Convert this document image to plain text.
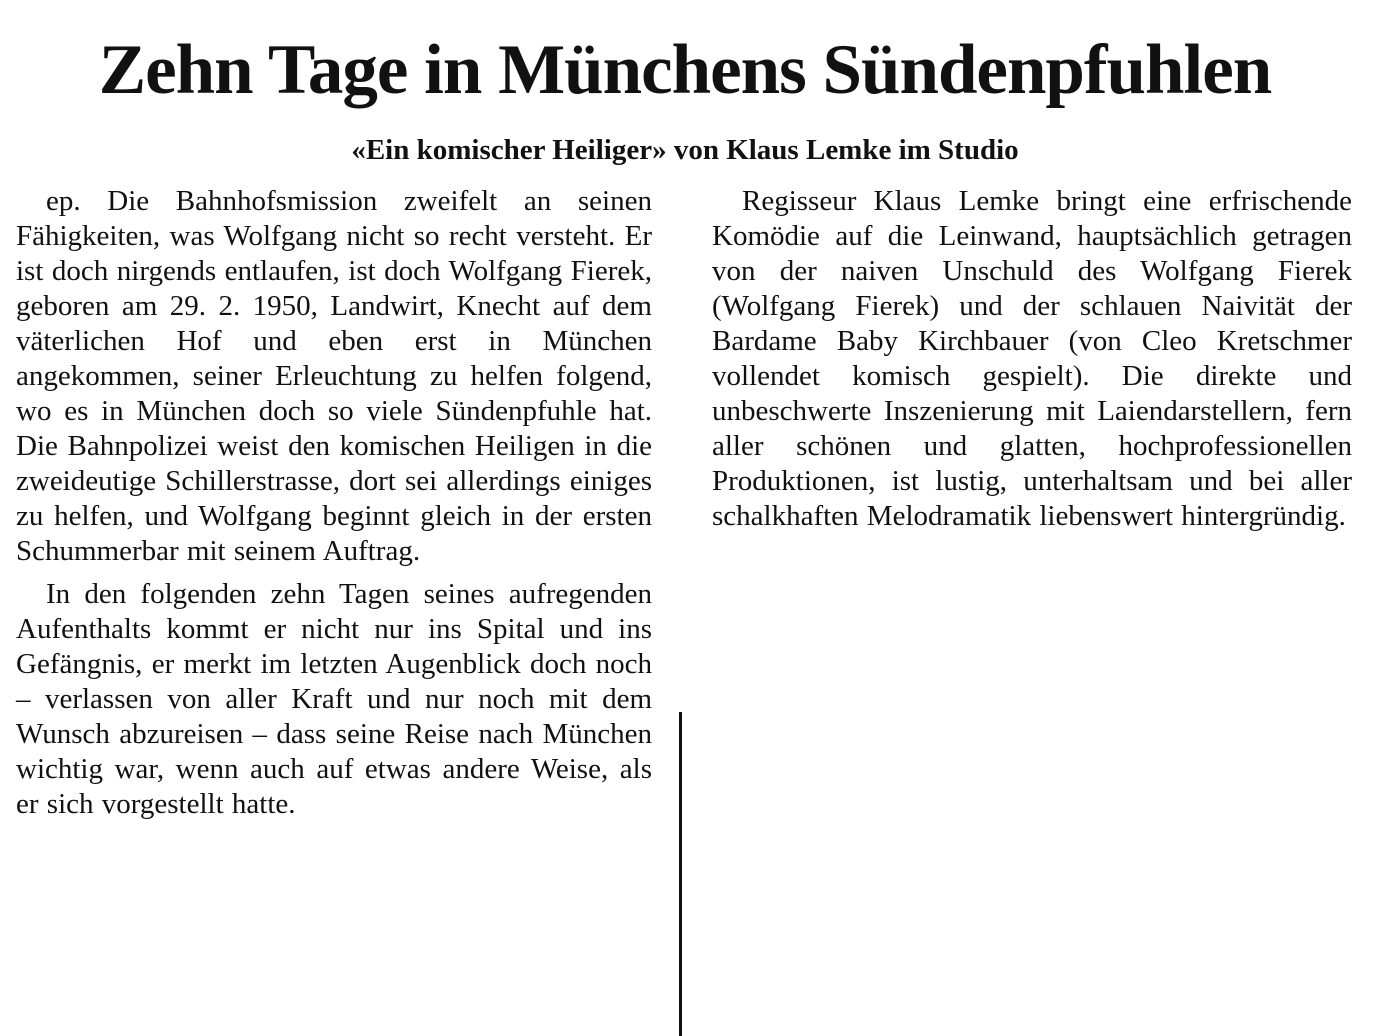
Zehn Tage in Münchens Sündenpfuhlen
«Ein komischer Heiliger» von Klaus Lemke im Studio

ep. Die Bahnhofsmission zweifelt an seinen Fähigkeiten, was Wolfgang nicht so recht versteht. Er ist doch nirgends entlaufen, ist doch Wolfgang Fierek, geboren am 29. 2. 1950, Landwirt, Knecht auf dem väterlichen Hof und eben erst in München angekommen, seiner Erleuchtung zu helfen folgend, wo es in München doch so viele Sündenpfuhle hat. Die Bahnpolizei weist den komischen Heiligen in die zweideutige Schillerstrasse, dort sei allerdings einiges zu helfen, und Wolfgang beginnt gleich in der ersten Schummerbar mit seinem Auftrag.

In den folgenden zehn Tagen seines aufregenden Aufenthalts kommt er nicht nur ins Spital und ins Gefängnis, er merkt im letzten Augenblick doch noch – verlassen von aller Kraft und nur noch mit dem Wunsch abzureisen – dass seine Reise nach München wichtig war, wenn auch auf etwas andere Weise, als er sich vorgestellt hatte.

Regisseur Klaus Lemke bringt eine erfrischende Komödie auf die Leinwand, hauptsächlich getragen von der naiven Unschuld des Wolfgang Fierek (Wolfgang Fierek) und der schlauen Naivität der Bardame Baby Kirchbauer (von Cleo Kretschmer vollendet komisch gespielt). Die direkte und unbeschwerte Inszenierung mit Laiendarstellern, fern aller schönen und glatten, hochprofessionellen Produktionen, ist lustig, unterhaltsam und bei aller schalkhaften Melodramatik liebenswert hintergründig.
